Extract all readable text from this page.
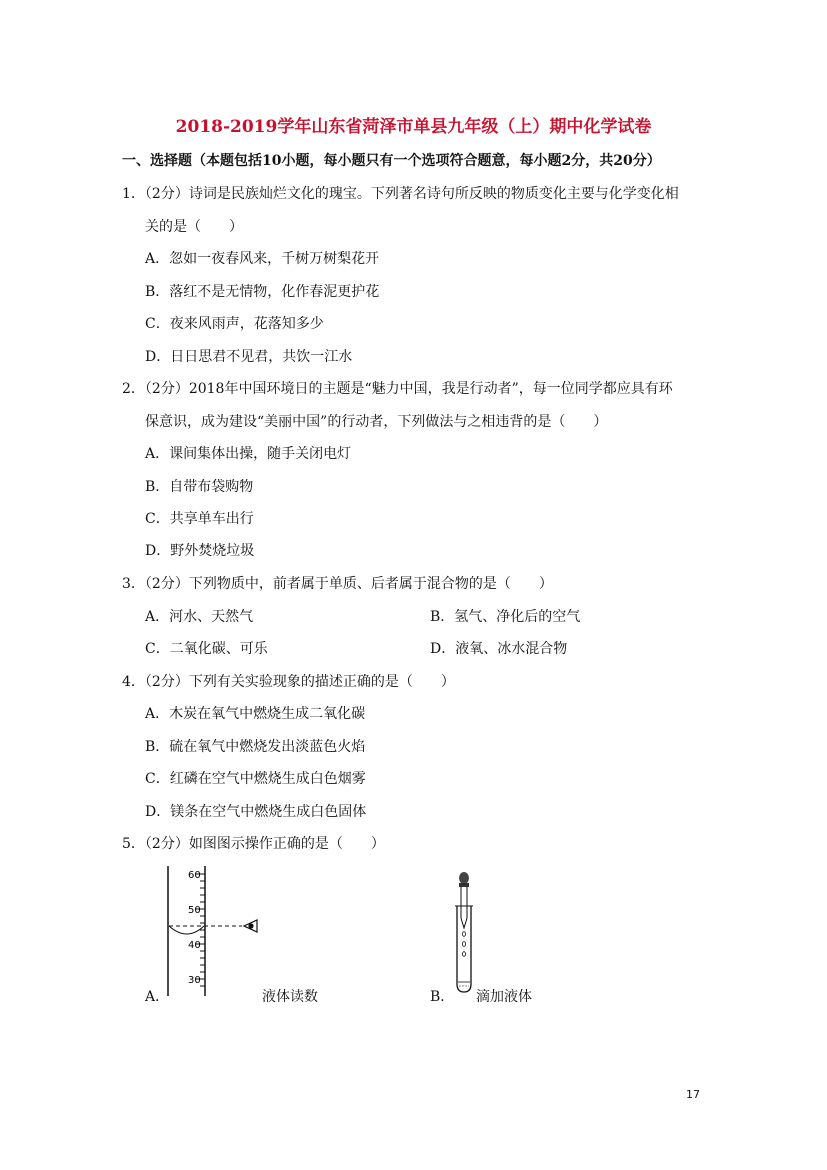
2018-2019学年山东省菏泽市单县九年级（上）期中化学试卷
一、选择题（本题包括10小题，每小题只有一个选项符合题意，每小题2分，共20分）
1．（2分）诗词是民族灿烂文化的瑰宝。下列著名诗句所反映的物质变化主要与化学变化相
关的是（　　）
A．忽如一夜春风来，千树万树梨花开
B．落红不是无情物，化作春泥更护花
C．夜来风雨声，花落知多少
D．日日思君不见君，共饮一江水
2．（2分）2018年中国环境日的主题是“魅力中国，我是行动者”，每一位同学都应具有环
保意识，成为建设“美丽中国”的行动者，下列做法与之相违背的是（　　）
A．课间集体出操，随手关闭电灯
B．自带布袋购物
C．共享单车出行
D．野外焚烧垃圾
3．（2分）下列物质中，前者属于单质、后者属于混合物的是（　　）
A．河水、天然气	B．氢气、净化后的空气
C．二氧化碳、可乐	D．液氧、冰水混合物
4．（2分）下列有关实验现象的描述正确的是（　　）
A．木炭在氧气中燃烧生成二氧化碳
B．硫在氧气中燃烧发出淡蓝色火焰
C．红磷在空气中燃烧生成白色烟雾
D．镁条在空气中燃烧生成白色固体
5．（2分）如图图示操作正确的是（　　）
60
50
40
30
A．	液体读数	B． 滴加液体
17
